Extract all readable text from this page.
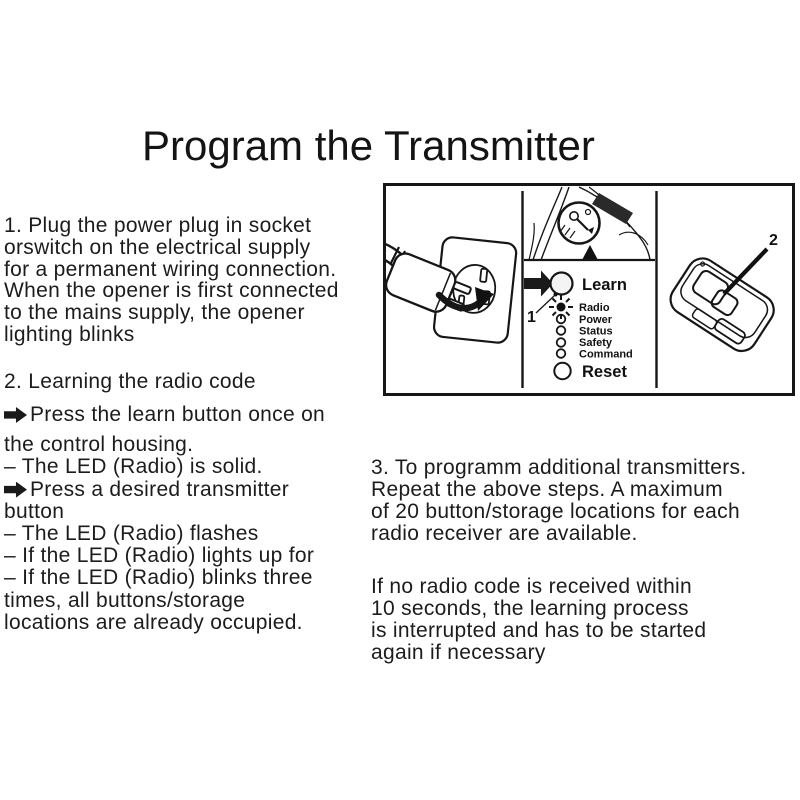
Program the Transmitter
1. Plug the power plug in socket
orswitch on the electrical supply
for a permanent wiring connection.
When the opener is first connected
to the mains supply, the opener
lighting blinks
2. Learning the radio code
Press the learn button once on
the control housing.
– The LED (Radio) is solid.
Press a desired transmitter
button
– The LED (Radio) flashes
– If the LED (Radio) lights up for
– If the LED (Radio) blinks three
times, all buttons/storage
locations are already occupied.
3. To programm additional transmitters.
Repeat the above steps. A maximum
of 20 button/storage locations for each
radio receiver are available.
If no radio code is received within
10 seconds, the learning process
is interrupted and has to be started
again if necessary
1
Learn
Radio
Power
Status
Safety
Command
Reset
2
